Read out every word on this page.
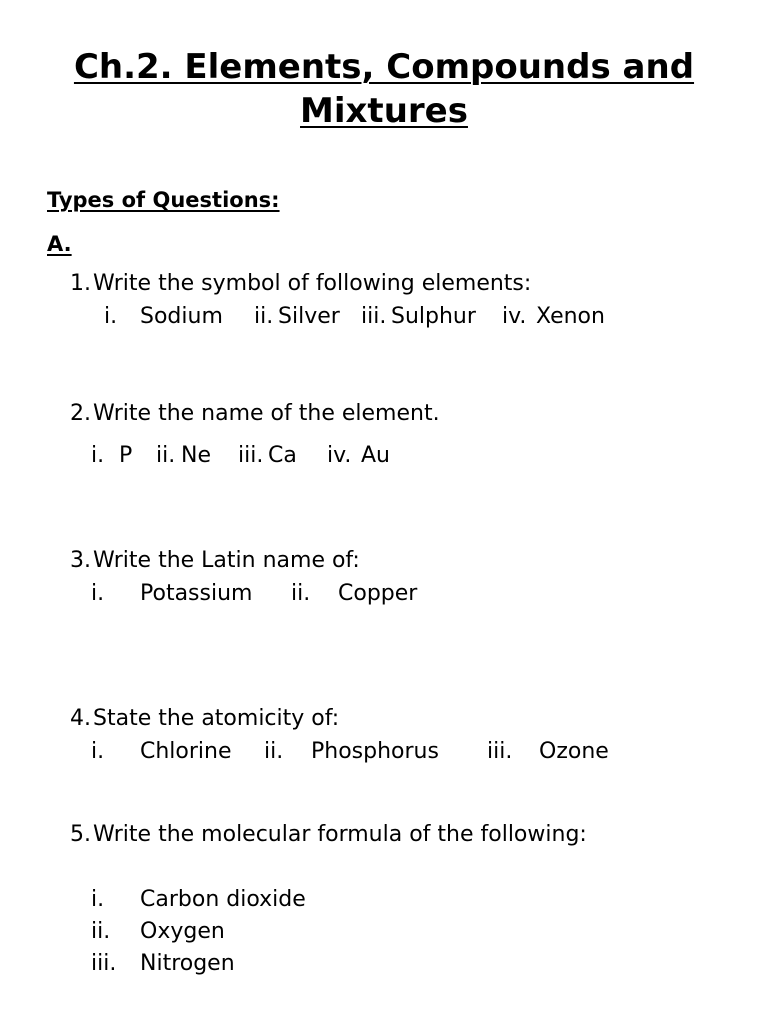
Ch.2. Elements, Compounds and
Mixtures
Types of Questions:
A.
1. Write the symbol of following elements:
i. Sodium ii. Silver iii. Sulphur iv. Xenon
2. Write the name of the element.
i. P ii. Ne iii. Ca iv. Au
3. Write the Latin name of:
i. Potassium ii. Copper
4. State the atomicity of:
i. Chlorine ii. Phosphorus iii. Ozone
5. Write the molecular formula of the following:
i. Carbon dioxide
ii. Oxygen
iii. Nitrogen
